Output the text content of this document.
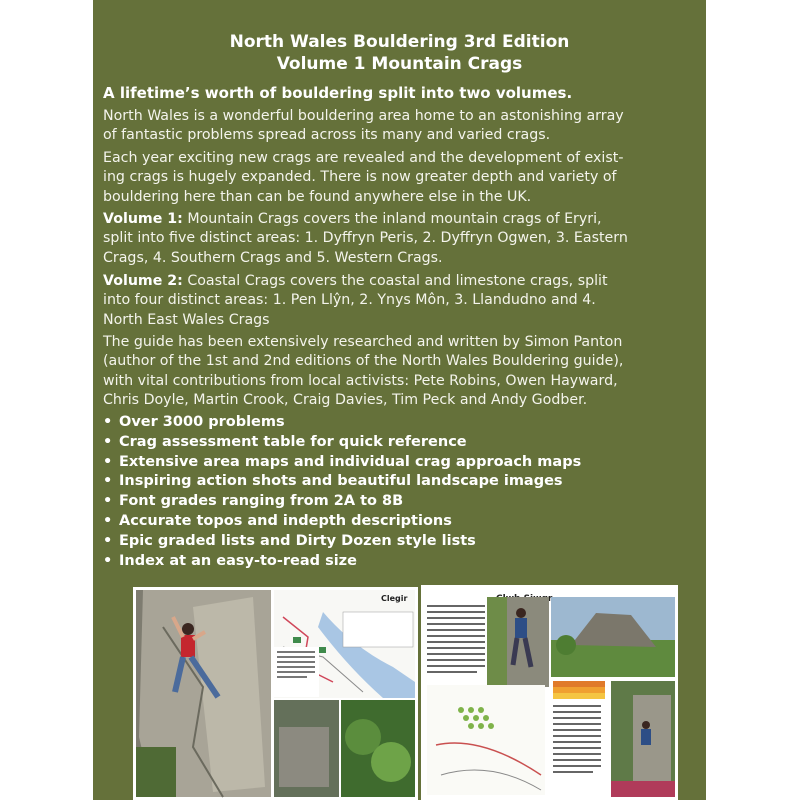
North Wales Bouldering 3rd Edition
Volume 1 Mountain Crags
A lifetime’s worth of bouldering split into two volumes.
North Wales is a wonderful bouldering area home to an astonishing array
of fantastic problems spread across its many and varied crags.
Each year exciting new crags are revealed and the development of exist-
ing crags is hugely expanded. There is now greater depth and variety of
bouldering here than can be found anywhere else in the UK.
Volume 1: Mountain Crags covers the inland mountain crags of Eryri,
split into five distinct areas: 1. Dyffryn Peris, 2. Dyffryn Ogwen, 3. Eastern
Crags, 4. Southern Crags and 5. Western Crags.
Volume 2: Coastal Crags covers the coastal and limestone crags, split
into four distinct areas: 1. Pen Llŷn, 2. Ynys Môn, 3. Llandudno and 4.
North East Wales Crags
The guide has been extensively researched and written by Simon Panton
(author of the 1st and 2nd editions of the North Wales Bouldering guide),
with vital contributions from local activists: Pete Robins, Owen Hayward,
Chris Doyle, Martin Crook, Craig Davies, Tim Peck and Andy Godber.
• Over 3000 problems
• Crag assessment table for quick reference
• Extensive area maps and individual crag approach maps
• Inspiring action shots and beautiful landscape images
• Font grades ranging from 2A to 8B
• Accurate topos and indepth descriptions
• Epic graded lists and Dirty Dozen style lists
• Index at an easy-to-read size
Clegir
